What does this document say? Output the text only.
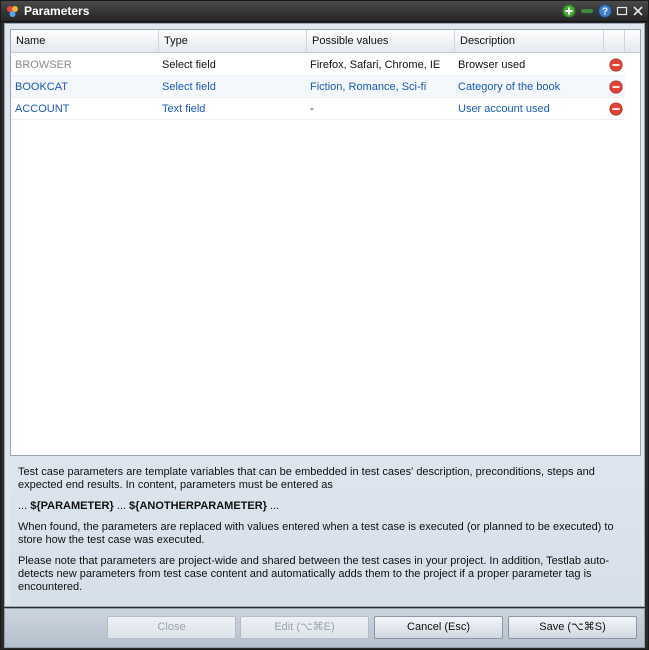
Parameters	?
Name	Type	Possible values	Description
BROWSER	Select field	Firefox, Safari, Chrome, IE	Browser used
BOOKCAT	Select field	Fiction, Romance, Sci-fi	Category of the book
ACCOUNT	Text field	-	User account used

Test case parameters are template variables that can be embedded in test cases' description, preconditions, steps and expected end results. In content, parameters must be entered as

... ${PARAMETER} ... ${ANOTHERPARAMETER} ...

When found, the parameters are replaced with values entered when a test case is executed (or planned to be executed) to store how the test case was executed.

Please note that parameters are project-wide and shared between the test cases in your project. In addition, Testlab auto-detects new parameters from test case content and automatically adds them to the project if a proper parameter tag is encountered.

Close	Edit (⌥⌘E)	Cancel (Esc)	Save (⌥⌘S)
